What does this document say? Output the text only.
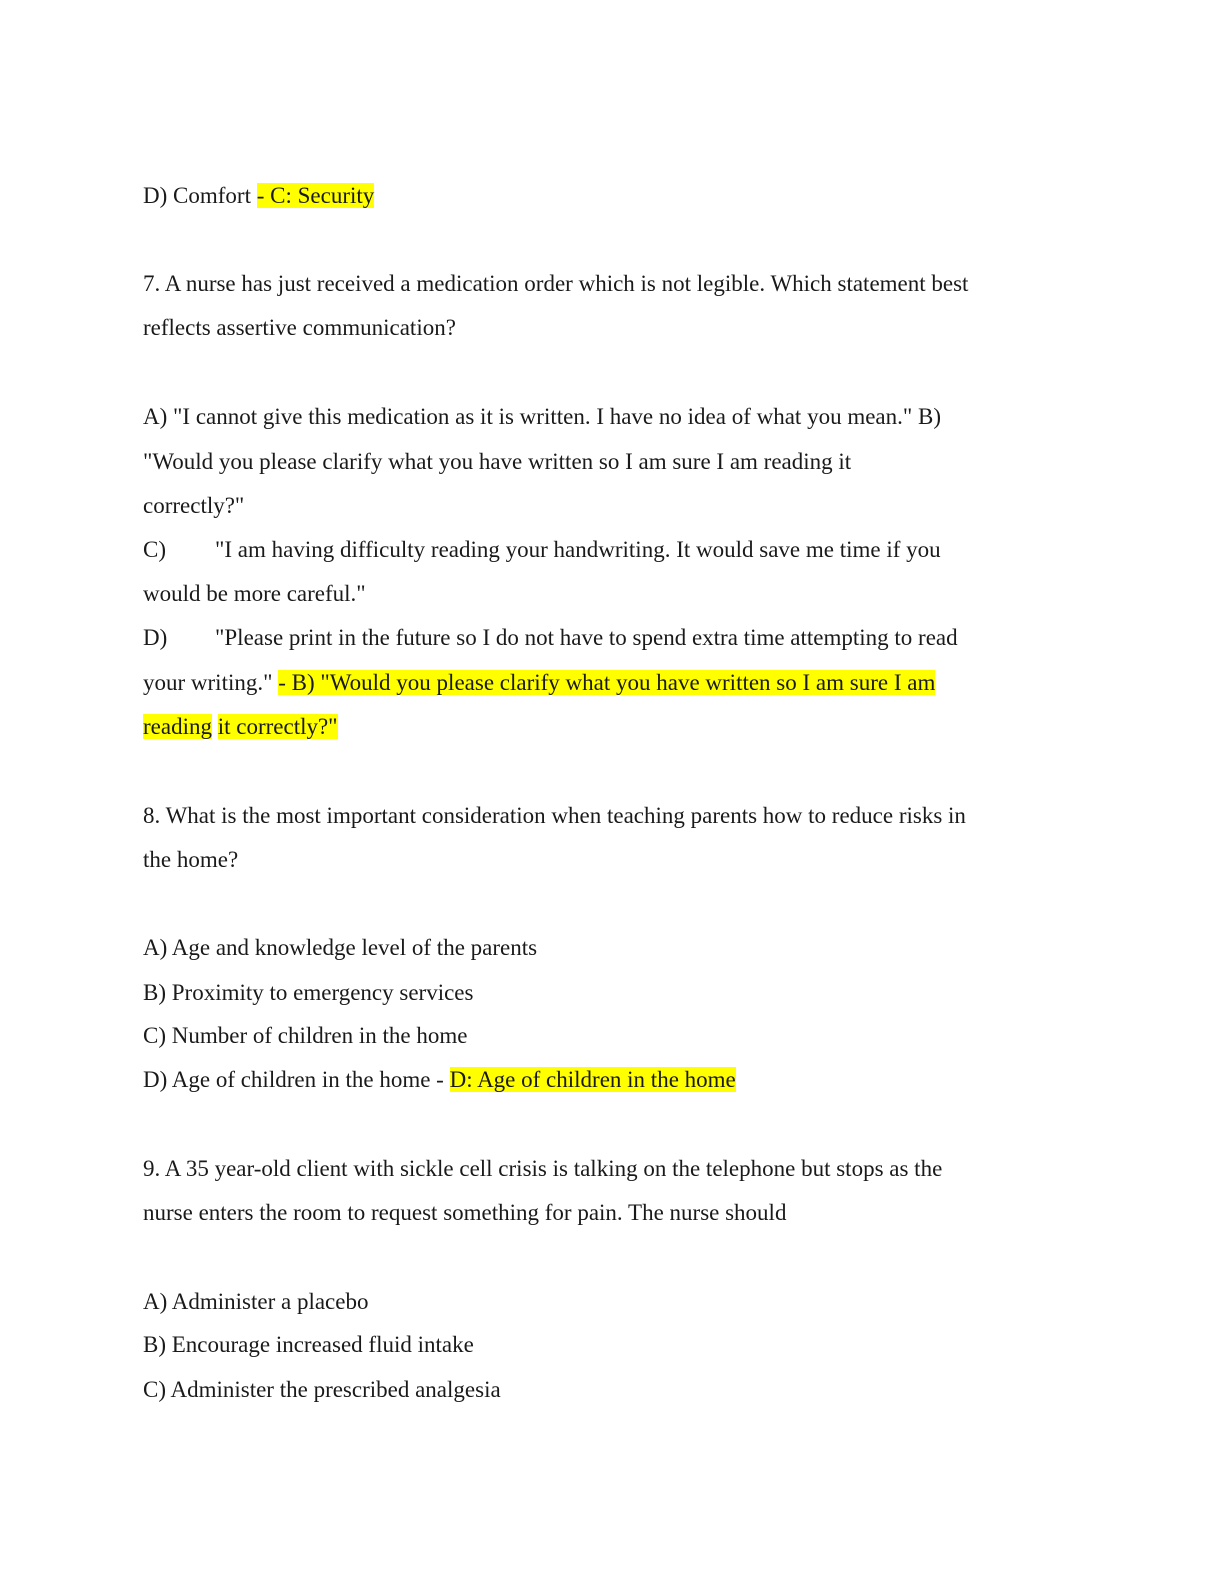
D) Comfort - C: Security
7. A nurse has just received a medication order which is not legible. Which statement best
reflects assertive communication?
A) "I cannot give this medication as it is written. I have no idea of what you mean." B)
"Would you please clarify what you have written so I am sure I am reading it
correctly?"
C) "I am having difficulty reading your handwriting. It would save me time if you
would be more careful."
D) "Please print in the future so I do not have to spend extra time attempting to read
your writing." - B) "Would you please clarify what you have written so I am sure I am
reading it correctly?"
8. What is the most important consideration when teaching parents how to reduce risks in
the home?
A) Age and knowledge level of the parents
B) Proximity to emergency services
C) Number of children in the home
D) Age of children in the home - D: Age of children in the home
9. A 35 year-old client with sickle cell crisis is talking on the telephone but stops as the
nurse enters the room to request something for pain. The nurse should
A) Administer a placebo
B) Encourage increased fluid intake
C) Administer the prescribed analgesia
